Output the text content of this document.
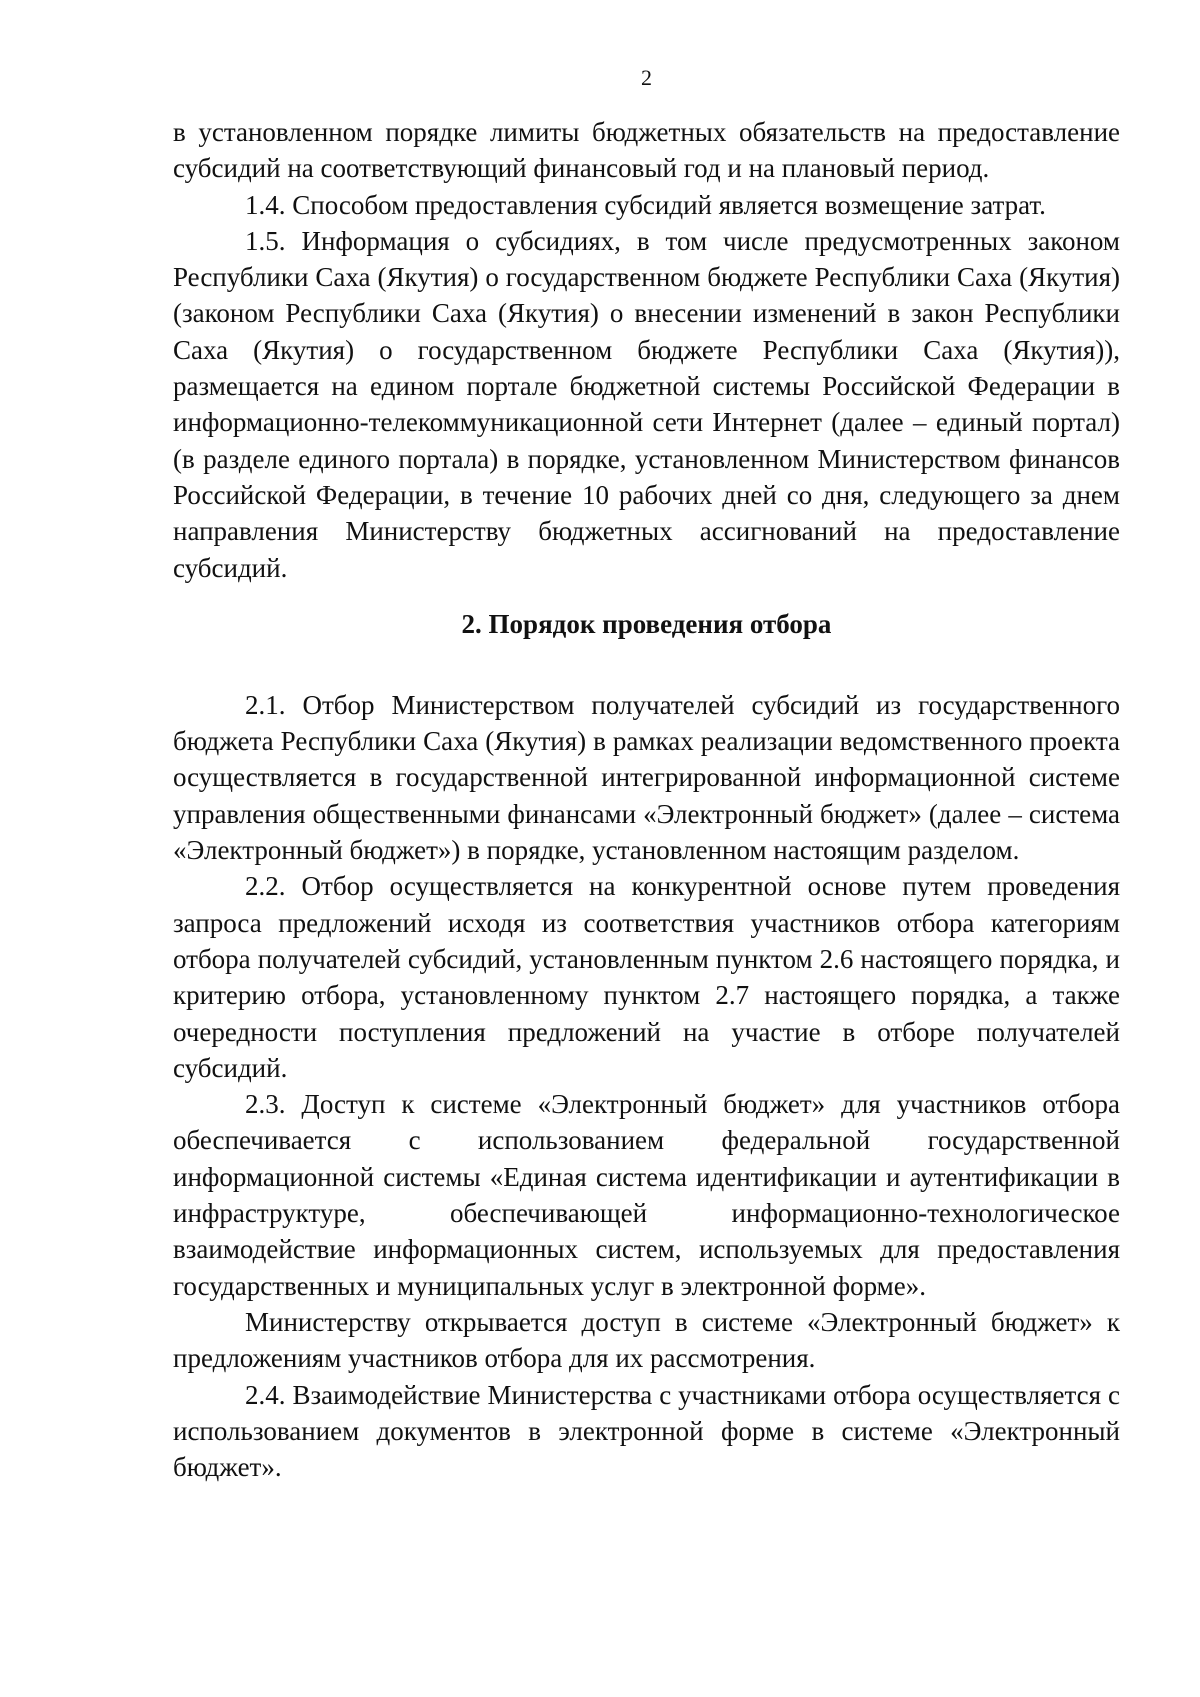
2

в установленном порядке лимиты бюджетных обязательств на предоставление субсидий на соответствующий финансовый год и на плановый период.

1.4. Способом предоставления субсидий является возмещение затрат.

1.5. Информация о субсидиях, в том числе предусмотренных законом Республики Саха (Якутия) о государственном бюджете Республики Саха (Якутия) (законом Республики Саха (Якутия) о внесении изменений в закон Республики Саха (Якутия) о государственном бюджете Республики Саха (Якутия)), размещается на едином портале бюджетной системы Российской Федерации в информационно-телекоммуникационной сети Интернет (далее – единый портал) (в разделе единого портала) в порядке, установленном Министерством финансов Российской Федерации, в течение 10 рабочих дней со дня, следующего за днем направления Министерству бюджетных ассигнований на предоставление субсидий.

2. Порядок проведения отбора

2.1. Отбор Министерством получателей субсидий из государственного бюджета Республики Саха (Якутия) в рамках реализации ведомственного проекта осуществляется в государственной интегрированной информационной системе управления общественными финансами «Электронный бюджет» (далее – система «Электронный бюджет») в порядке, установленном настоящим разделом.

2.2. Отбор осуществляется на конкурентной основе путем проведения запроса предложений исходя из соответствия участников отбора категориям отбора получателей субсидий, установленным пунктом 2.6 настоящего порядка, и критерию отбора, установленному пунктом 2.7 настоящего порядка, а также очередности поступления предложений на участие в отборе получателей субсидий.

2.3. Доступ к системе «Электронный бюджет» для участников отбора обеспечивается с использованием федеральной государственной информационной системы «Единая система идентификации и аутентификации в инфраструктуре, обеспечивающей информационно-технологическое взаимодействие информационных систем, используемых для предоставления государственных и муниципальных услуг в электронной форме».

Министерству открывается доступ в системе «Электронный бюджет» к предложениям участников отбора для их рассмотрения.

2.4. Взаимодействие Министерства с участниками отбора осуществляется с использованием документов в электронной форме в системе «Электронный бюджет».
